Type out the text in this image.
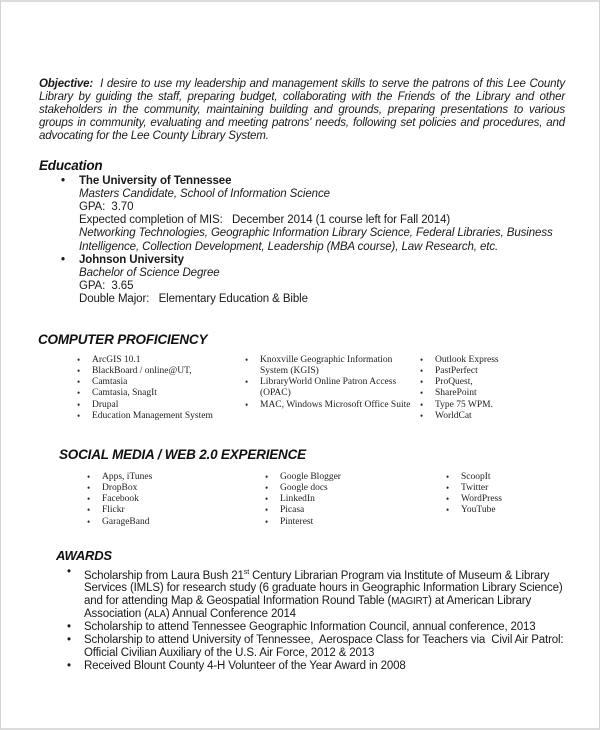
Objective: I desire to use my leadership and management skills to serve the patrons of this Lee County Library by guiding the staff, preparing budget, collaborating with the Friends of the Library and other stakeholders in the community, maintaining building and grounds, preparing presentations to various groups in community, evaluating and meeting patrons' needs, following set policies and procedures, and advocating for the Lee County Library System.

Education
• The University of Tennessee
Masters Candidate, School of Information Science
GPA:  3.70
Expected completion of MIS:   December 2014 (1 course left for Fall 2014)
Networking Technologies, Geographic Information Library Science, Federal Libraries, Business Intelligence, Collection Development, Leadership (MBA course), Law Research, etc.
• Johnson University
Bachelor of Science Degree
GPA:  3.65
Double Major:   Elementary Education & Bible
COMPUTER PROFICIENCY
• ArcGIS 10.1
• BlackBoard / online@UT,
• Camtasia
• Camtasia, SnagIt
• Drupal
• Education Management System
• Knoxville Geographic Information System (KGIS)
• LibraryWorld Online Patron Access (OPAC)
• MAC, Windows Microsoft Office Suite
• Outlook Express
• PastPerfect
• ProQuest,
• SharePoint
• Type 75 WPM.
• WorldCat
SOCIAL MEDIA / WEB 2.0 EXPERIENCE
• Apps, iTunes
• DropBox
• Facebook
• Flickr
• GarageBand
• Google Blogger
• Google docs
• LinkedIn
• Picasa
• Pinterest
• ScoopIt
• Twitter
• WordPress
• YouTube
AWARDS
• Scholarship from Laura Bush 21st Century Librarian Program via Institute of Museum & Library Services (IMLS) for research study (6 graduate hours in Geographic Information Library Science) and for attending Map & Geospatial Information Round Table (MAGIRT) at American Library Association (ALA) Annual Conference 2014
• Scholarship to attend Tennessee Geographic Information Council, annual conference, 2013
• Scholarship to attend University of Tennessee,  Aerospace Class for Teachers via  Civil Air Patrol: Official Civilian Auxiliary of the U.S. Air Force, 2012 & 2013
• Received Blount County 4-H Volunteer of the Year Award in 2008
